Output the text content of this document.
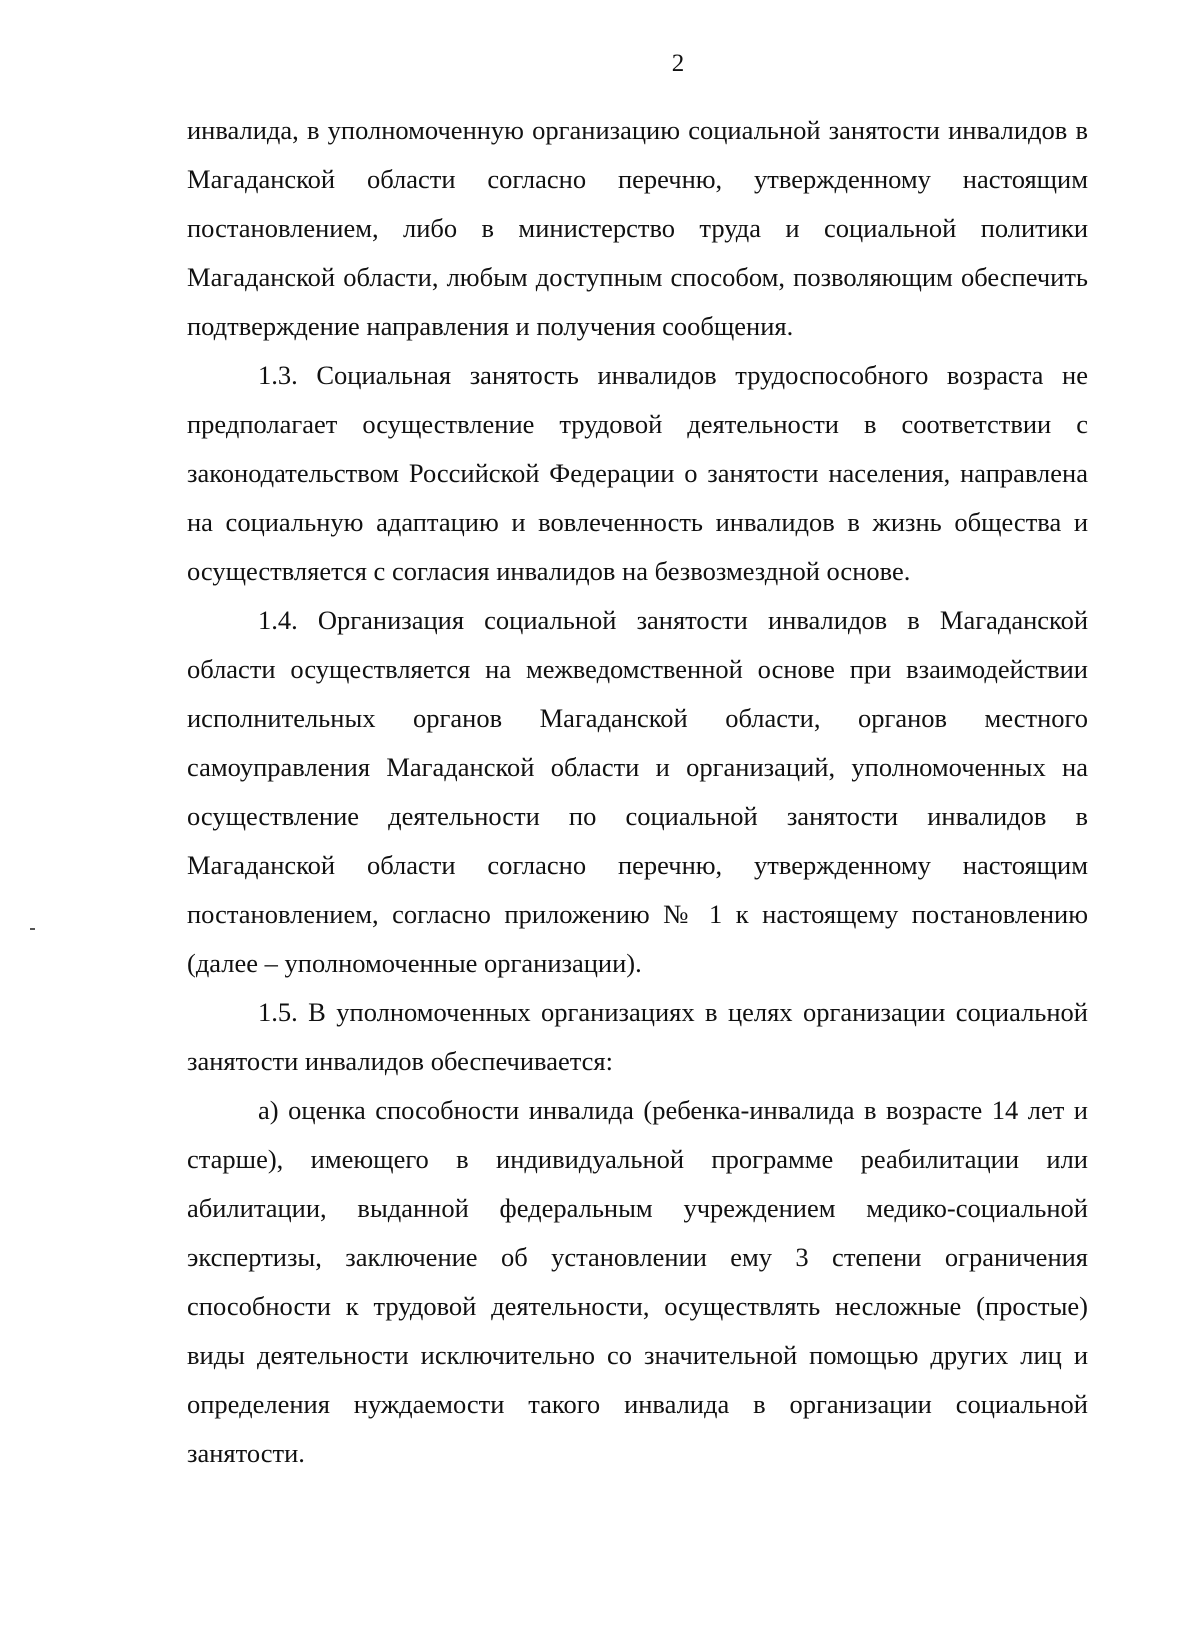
2

инвалида, в уполномоченную организацию социальной занятости инвалидов в Магаданской области согласно перечню, утвержденному настоящим постановлением, либо в министерство труда и социальной политики Магаданской области, любым доступным способом, позволяющим обеспечить подтверждение направления и получения сообщения.

1.3. Социальная занятость инвалидов трудоспособного возраста не предполагает осуществление трудовой деятельности в соответствии с законодательством Российской Федерации о занятости населения, направлена на социальную адаптацию и вовлеченность инвалидов в жизнь общества и осуществляется с согласия инвалидов на безвозмездной основе.

1.4. Организация социальной занятости инвалидов в Магаданской области осуществляется на межведомственной основе при взаимодействии исполнительных органов Магаданской области, органов местного самоуправления Магаданской области и организаций, уполномоченных на осуществление деятельности по социальной занятости инвалидов в Магаданской области согласно перечню, утвержденному настоящим постановлением, согласно приложению № 1 к настоящему постановлению (далее – уполномоченные организации).

1.5. В уполномоченных организациях в целях организации социальной занятости инвалидов обеспечивается:

а) оценка способности инвалида (ребенка-инвалида в возрасте 14 лет и старше), имеющего в индивидуальной программе реабилитации или абилитации, выданной федеральным учреждением медико-социальной экспертизы, заключение об установлении ему 3 степени ограничения способности к трудовой деятельности, осуществлять несложные (простые) виды деятельности исключительно со значительной помощью других лиц и определения нуждаемости такого инвалида в организации социальной занятости.
